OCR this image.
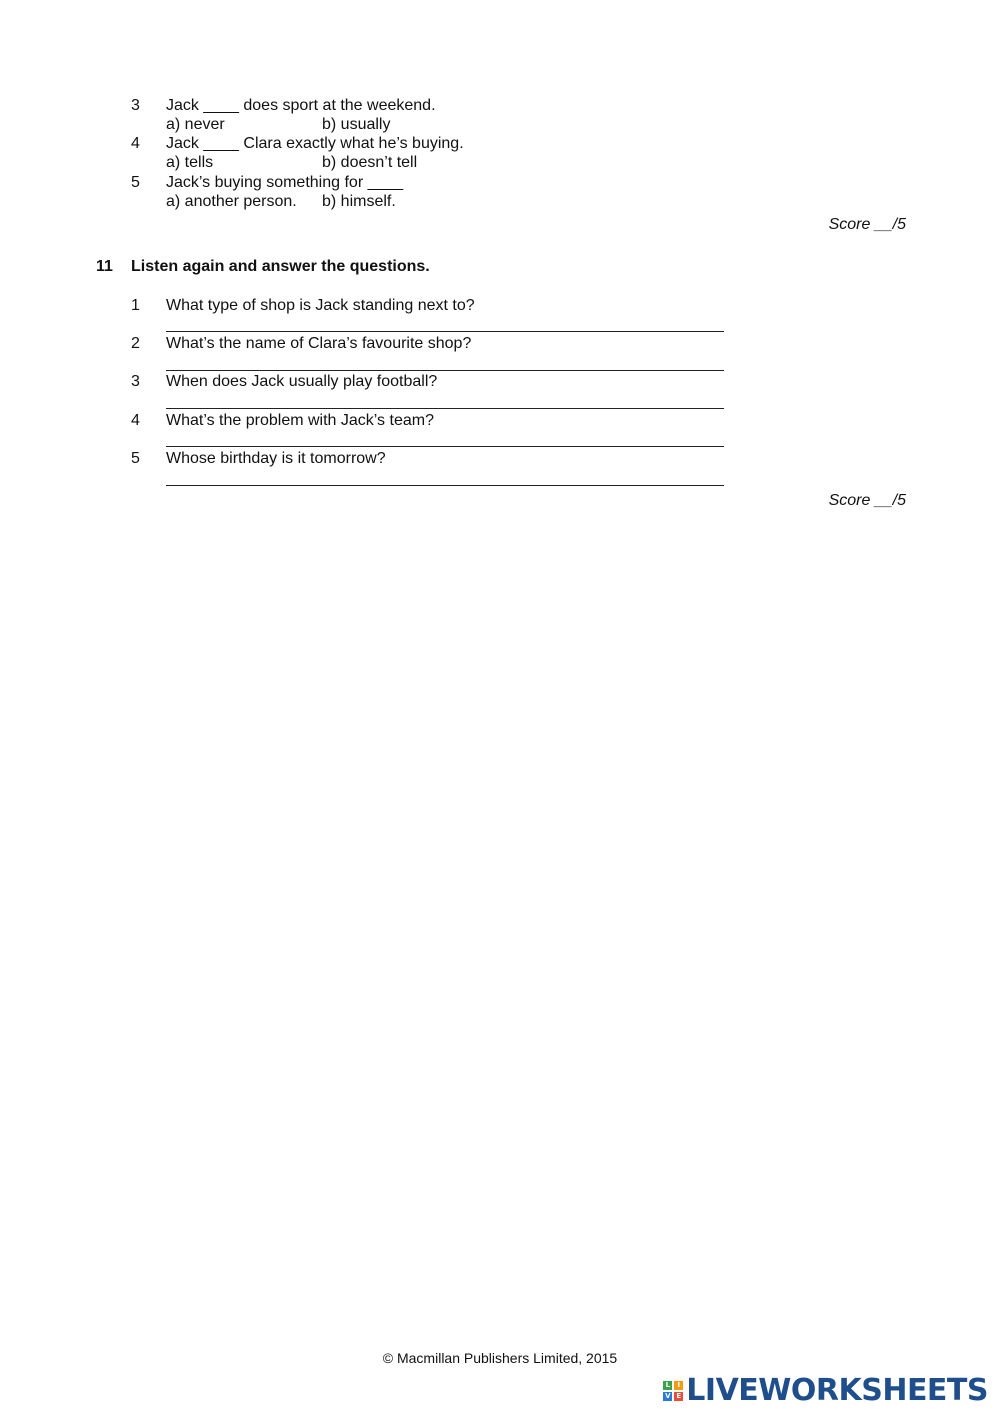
3 Jack ____ does sport at the weekend.
a) never	b) usually
4 Jack ____ Clara exactly what he’s buying.
a) tells	b) doesn’t tell
5 Jack’s buying something for ____
a) another person. b) himself.
Score __/5
11 Listen again and answer the questions.
1 What type of shop is Jack standing next to?
2 What’s the name of Clara’s favourite shop?
3 When does Jack usually play football?
4 What’s the problem with Jack’s team?
5 Whose birthday is it tomorrow?
Score __/5
© Macmillan Publishers Limited, 2015
L	I
V E LIVEWORKSHEETS
